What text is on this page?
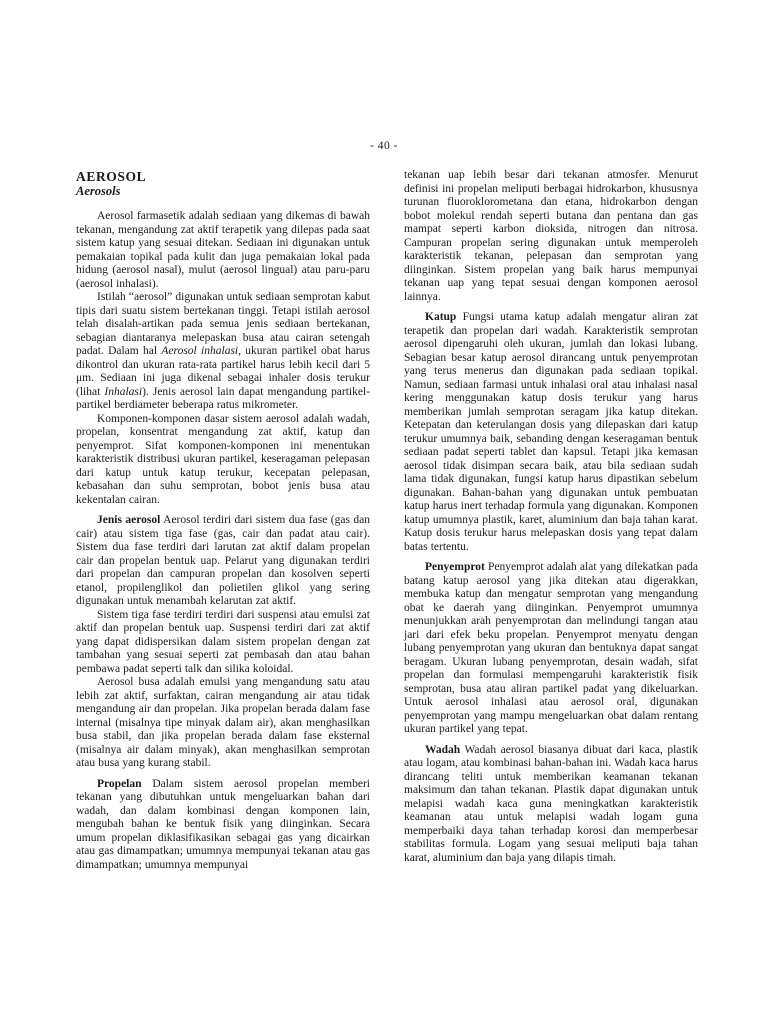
- 40 -
AEROSOL
Aerosols

Aerosol farmasetik adalah sediaan yang dikemas di bawah tekanan, mengandung zat aktif terapetik yang dilepas pada saat sistem katup yang sesuai ditekan. Sediaan ini digunakan untuk pemakaian topikal pada kulit dan juga pemakaian lokal pada hidung (aerosol nasal), mulut (aerosol lingual) atau paru-paru (aerosol inhalasi).

Istilah “aerosol” digunakan untuk sediaan semprotan kabut tipis dari suatu sistem bertekanan tinggi. Tetapi istilah aerosol telah disalah-artikan pada semua jenis sediaan bertekanan, sebagian diantaranya melepaskan busa atau cairan setengah padat. Dalam hal Aerosol inhalasi, ukuran partikel obat harus dikontrol dan ukuran rata-rata partikel harus lebih kecil dari 5 μm. Sediaan ini juga dikenal sebagai inhaler dosis terukur (lihat Inhalasi). Jenis aerosol lain dapat mengandung partikel-partikel berdiameter beberapa ratus mikrometer.

Komponen-komponen dasar sistem aerosol adalah wadah, propelan, konsentrat mengandung zat aktif, katup dan penyemprot. Sifat komponen-komponen ini menentukan karakteristik distribusi ukuran partikel, keseragaman pelepasan dari katup untuk katup terukur, kecepatan pelepasan, kebasahan dan suhu semprotan, bobot jenis busa atau kekentalan cairan.

Jenis aerosol Aerosol terdiri dari sistem dua fase (gas dan cair) atau sistem tiga fase (gas, cair dan padat atau cair). Sistem dua fase terdiri dari larutan zat aktif dalam propelan cair dan propelan bentuk uap. Pelarut yang digunakan terdiri dari propelan dan campuran propelan dan kosolven seperti etanol, propilenglikol dan polietilen glikol yang sering digunakan untuk menambah kelarutan zat aktif.

Sistem tiga fase terdiri terdiri dari suspensi atau emulsi zat aktif dan propelan bentuk uap. Suspensi terdiri dari zat aktif yang dapat didispersikan dalam sistem propelan dengan zat tambahan yang sesuai seperti zat pembasah dan atau bahan pembawa padat seperti talk dan silika koloidal.

Aerosol busa adalah emulsi yang mengandung satu atau lebih zat aktif, surfaktan, cairan mengandung air atau tidak mengandung air dan propelan. Jika propelan berada dalam fase internal (misalnya tipe minyak dalam air), akan menghasilkan busa stabil, dan jika propelan berada dalam fase eksternal (misalnya air dalam minyak), akan menghasilkan semprotan atau busa yang kurang stabil.

Propelan Dalam sistem aerosol propelan memberi tekanan yang dibutuhkan untuk mengeluarkan bahan dari wadah, dan dalam kombinasi dengan komponen lain, mengubah bahan ke bentuk fisik yang diinginkan. Secara umum propelan diklasifikasikan sebagai gas yang dicairkan atau gas dimampatkan; umumnya mempunyai tekanan atau gas dimampatkan; umumnya mempunyai

tekanan uap lebih besar dari tekanan atmosfer. Menurut definisi ini propelan meliputi berbagai hidrokarbon, khususnya turunan fluoroklorometana dan etana, hidrokarbon dengan bobot molekul rendah seperti butana dan pentana dan gas mampat seperti karbon dioksida, nitrogen dan nitrosa. Campuran propelan sering digunakan untuk memperoleh karakteristik tekanan, pelepasan dan semprotan yang diinginkan. Sistem propelan yang baik harus mempunyai tekanan uap yang tepat sesuai dengan komponen aerosol lainnya.

Katup Fungsi utama katup adalah mengatur aliran zat terapetik dan propelan dari wadah. Karakteristik semprotan aerosol dipengaruhi oleh ukuran, jumlah dan lokasi lubang. Sebagian besar katup aerosol dirancang untuk penyemprotan yang terus menerus dan digunakan pada sediaan topikal. Namun, sediaan farmasi untuk inhalasi oral atau inhalasi nasal kering menggunakan katup dosis terukur yang harus memberikan jumlah semprotan seragam jika katup ditekan. Ketepatan dan keterulangan dosis yang dilepaskan dari katup terukur umumnya baik, sebanding dengan keseragaman bentuk sediaan padat seperti tablet dan kapsul. Tetapi jika kemasan aerosol tidak disimpan secara baik, atau bila sediaan sudah lama tidak digunakan, fungsi katup harus dipastikan sebelum digunakan. Bahan-bahan yang digunakan untuk pembuatan katup harus inert terhadap formula yang digunakan. Komponen katup umumnya plastik, karet, aluminium dan baja tahan karat. Katup dosis terukur harus melepaskan dosis yang tepat dalam batas tertentu.

Penyemprot Penyemprot adalah alat yang dilekatkan pada batang katup aerosol yang jika ditekan atau digerakkan, membuka katup dan mengatur semprotan yang mengandung obat ke daerah yang diinginkan. Penyemprot umumnya menunjukkan arah penyemprotan dan melindungi tangan atau jari dari efek beku propelan. Penyemprot menyatu dengan lubang penyemprotan yang ukuran dan bentuknya dapat sangat beragam. Ukuran lubang penyemprotan, desain wadah, sifat propelan dan formulasi mempengaruhi karakteristik fisik semprotan, busa atau aliran partikel padat yang dikeluarkan. Untuk aerosol inhalasi atau aerosol oral, digunakan penyemprotan yang mampu mengeluarkan obat dalam rentang ukuran partikel yang tepat.

Wadah Wadah aerosol biasanya dibuat dari kaca, plastik atau logam, atau kombinasi bahan-bahan ini. Wadah kaca harus dirancang teliti untuk memberikan keamanan tekanan maksimum dan tahan tekanan. Plastik dapat digunakan untuk melapisi wadah kaca guna meningkatkan karakteristik keamanan atau untuk melapisi wadah logam guna memperbaiki daya tahan terhadap korosi dan memperbesar stabilitas formula. Logam yang sesuai meliputi baja tahan karat, aluminium dan baja yang dilapis timah.
